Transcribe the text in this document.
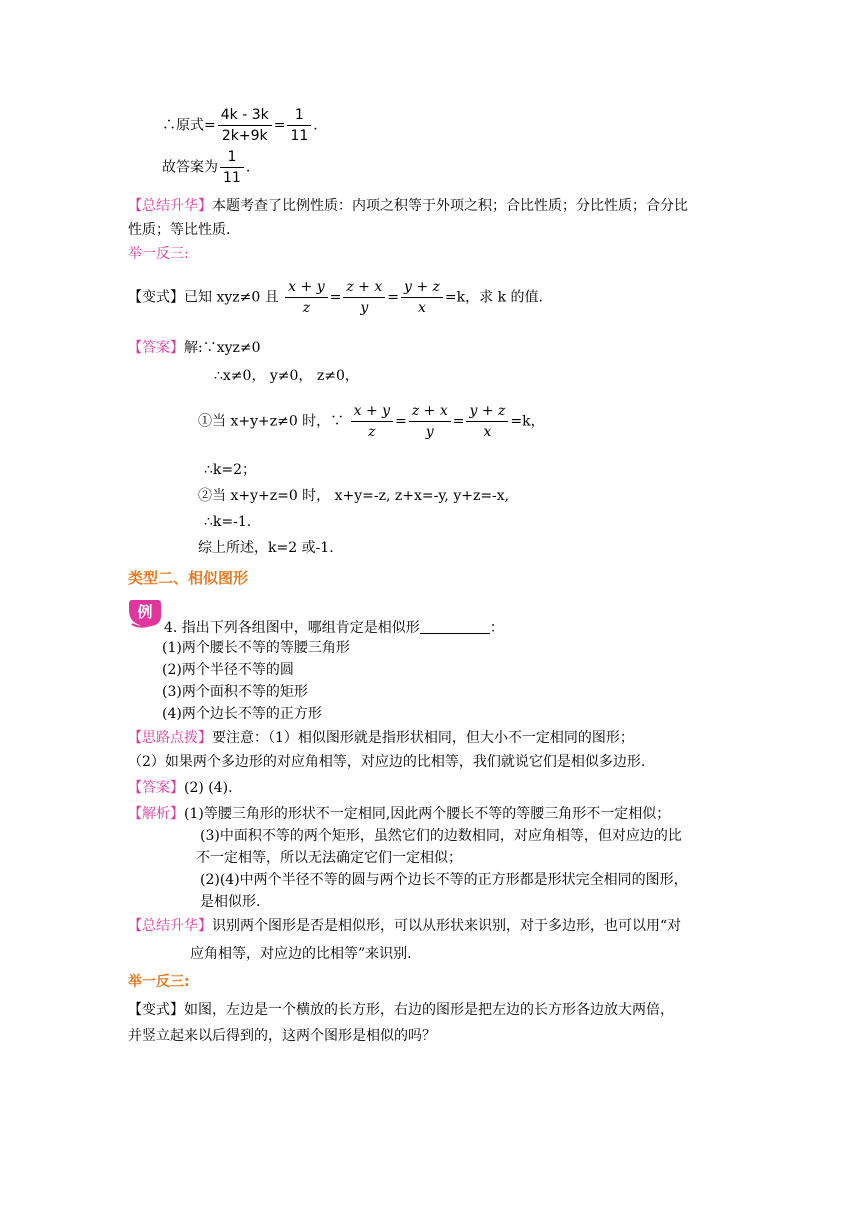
∴原式= $\frac{4k - 3k}{2k+9k} = \frac{1}{11}$ .
故答案为 $\frac{1}{11}$ .
【总结升华】本题考查了比例性质：内项之积等于外项之积；合比性质；分比性质；合分比
性质；等比性质.
举一反三:
【变式】已知 xyz≠0 且 $\frac{x + y}{z} = \frac{z + x}{y} = \frac{y + z}{x} =k$，求 k 的值.
【答案】解:∵xyz≠0
∴x≠0， y≠0， z≠0，
①当 x+y+z≠0 时，∵ $\frac{x + y}{z} = \frac{z + x}{y} = \frac{y + z}{x} =k$，
∴k=2；
②当 x+y+z=0 时， x+y=-z, z+x=-y, y+z=-x,
∴k=-1.
综上所述，k=2 或-1.
类型二、相似图形
例
4. 指出下列各组图中，哪组肯定是相似形	：
(1)两个腰长不等的等腰三角形
(2)两个半径不等的圆
(3)两个面积不等的矩形
(4)两个边长不等的正方形
【思路点拨】要注意：（1）相似图形就是指形状相同，但大小不一定相同的图形；
（2）如果两个多边形的对应角相等，对应边的比相等，我们就说它们是相似多边形.
【答案】(2) (4).
【解析】(1)等腰三角形的形状不一定相同,因此两个腰长不等的等腰三角形不一定相似；
(3)中面积不等的两个矩形，虽然它们的边数相同，对应角相等，但对应边的比
不一定相等，所以无法确定它们一定相似；
(2)(4)中两个半径不等的圆与两个边长不等的正方形都是形状完全相同的图形，
是相似形.
【总结升华】识别两个图形是否是相似形，可以从形状来识别，对于多边形，也可以用“对
应角相等，对应边的比相等”来识别.
举一反三:
【变式】如图，左边是一个横放的长方形，右边的图形是把左边的长方形各边放大两倍，
并竖立起来以后得到的，这两个图形是相似的吗？
